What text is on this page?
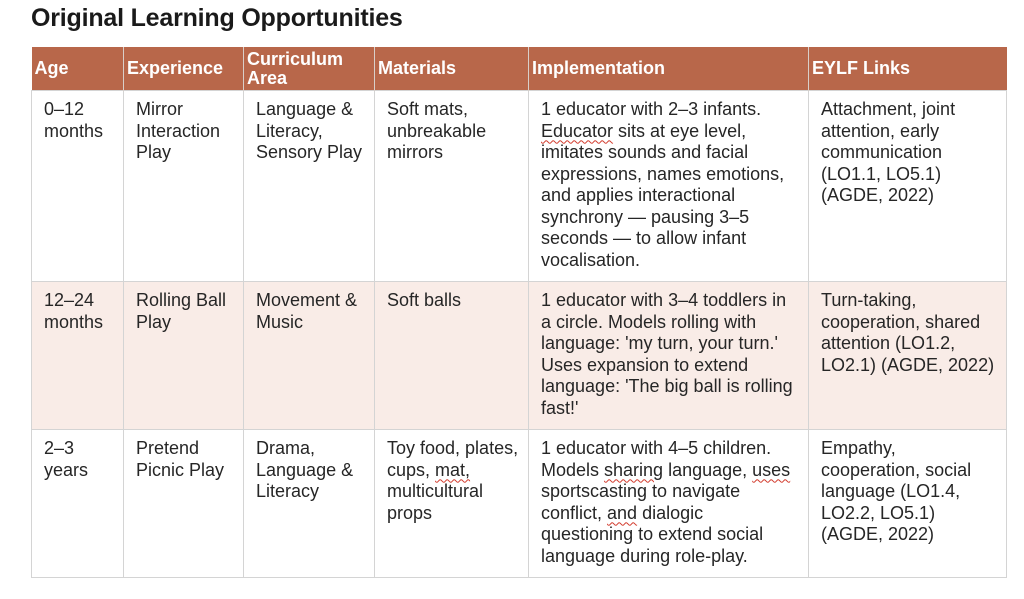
Original Learning Opportunities
Age	Experience	Curriculum Area	Materials	Implementation	EYLF Links
0–12 months	Mirror Interaction Play	Language & Literacy, Sensory Play	Soft mats, unbreakable mirrors	1 educator with 2–3 infants. Educator sits at eye level, imitates sounds and facial expressions, names emotions, and applies interactional synchrony — pausing 3–5 seconds — to allow infant vocalisation.	Attachment, joint attention, early communication (LO1.1, LO5.1) (AGDE, 2022)
12–24 months	Rolling Ball Play	Movement & Music	Soft balls	1 educator with 3–4 toddlers in a circle. Models rolling with language: 'my turn, your turn.' Uses expansion to extend language: 'The big ball is rolling fast!'	Turn-taking, cooperation, shared attention (LO1.2, LO2.1) (AGDE, 2022)
2–3 years	Pretend Picnic Play	Drama, Language & Literacy	Toy food, plates, cups, mat, multicultural props	1 educator with 4–5 children. Models sharing language, uses sportscasting to navigate conflict, and dialogic questioning to extend social language during role-play.	Empathy, cooperation, social language (LO1.4, LO2.2, LO5.1) (AGDE, 2022)
